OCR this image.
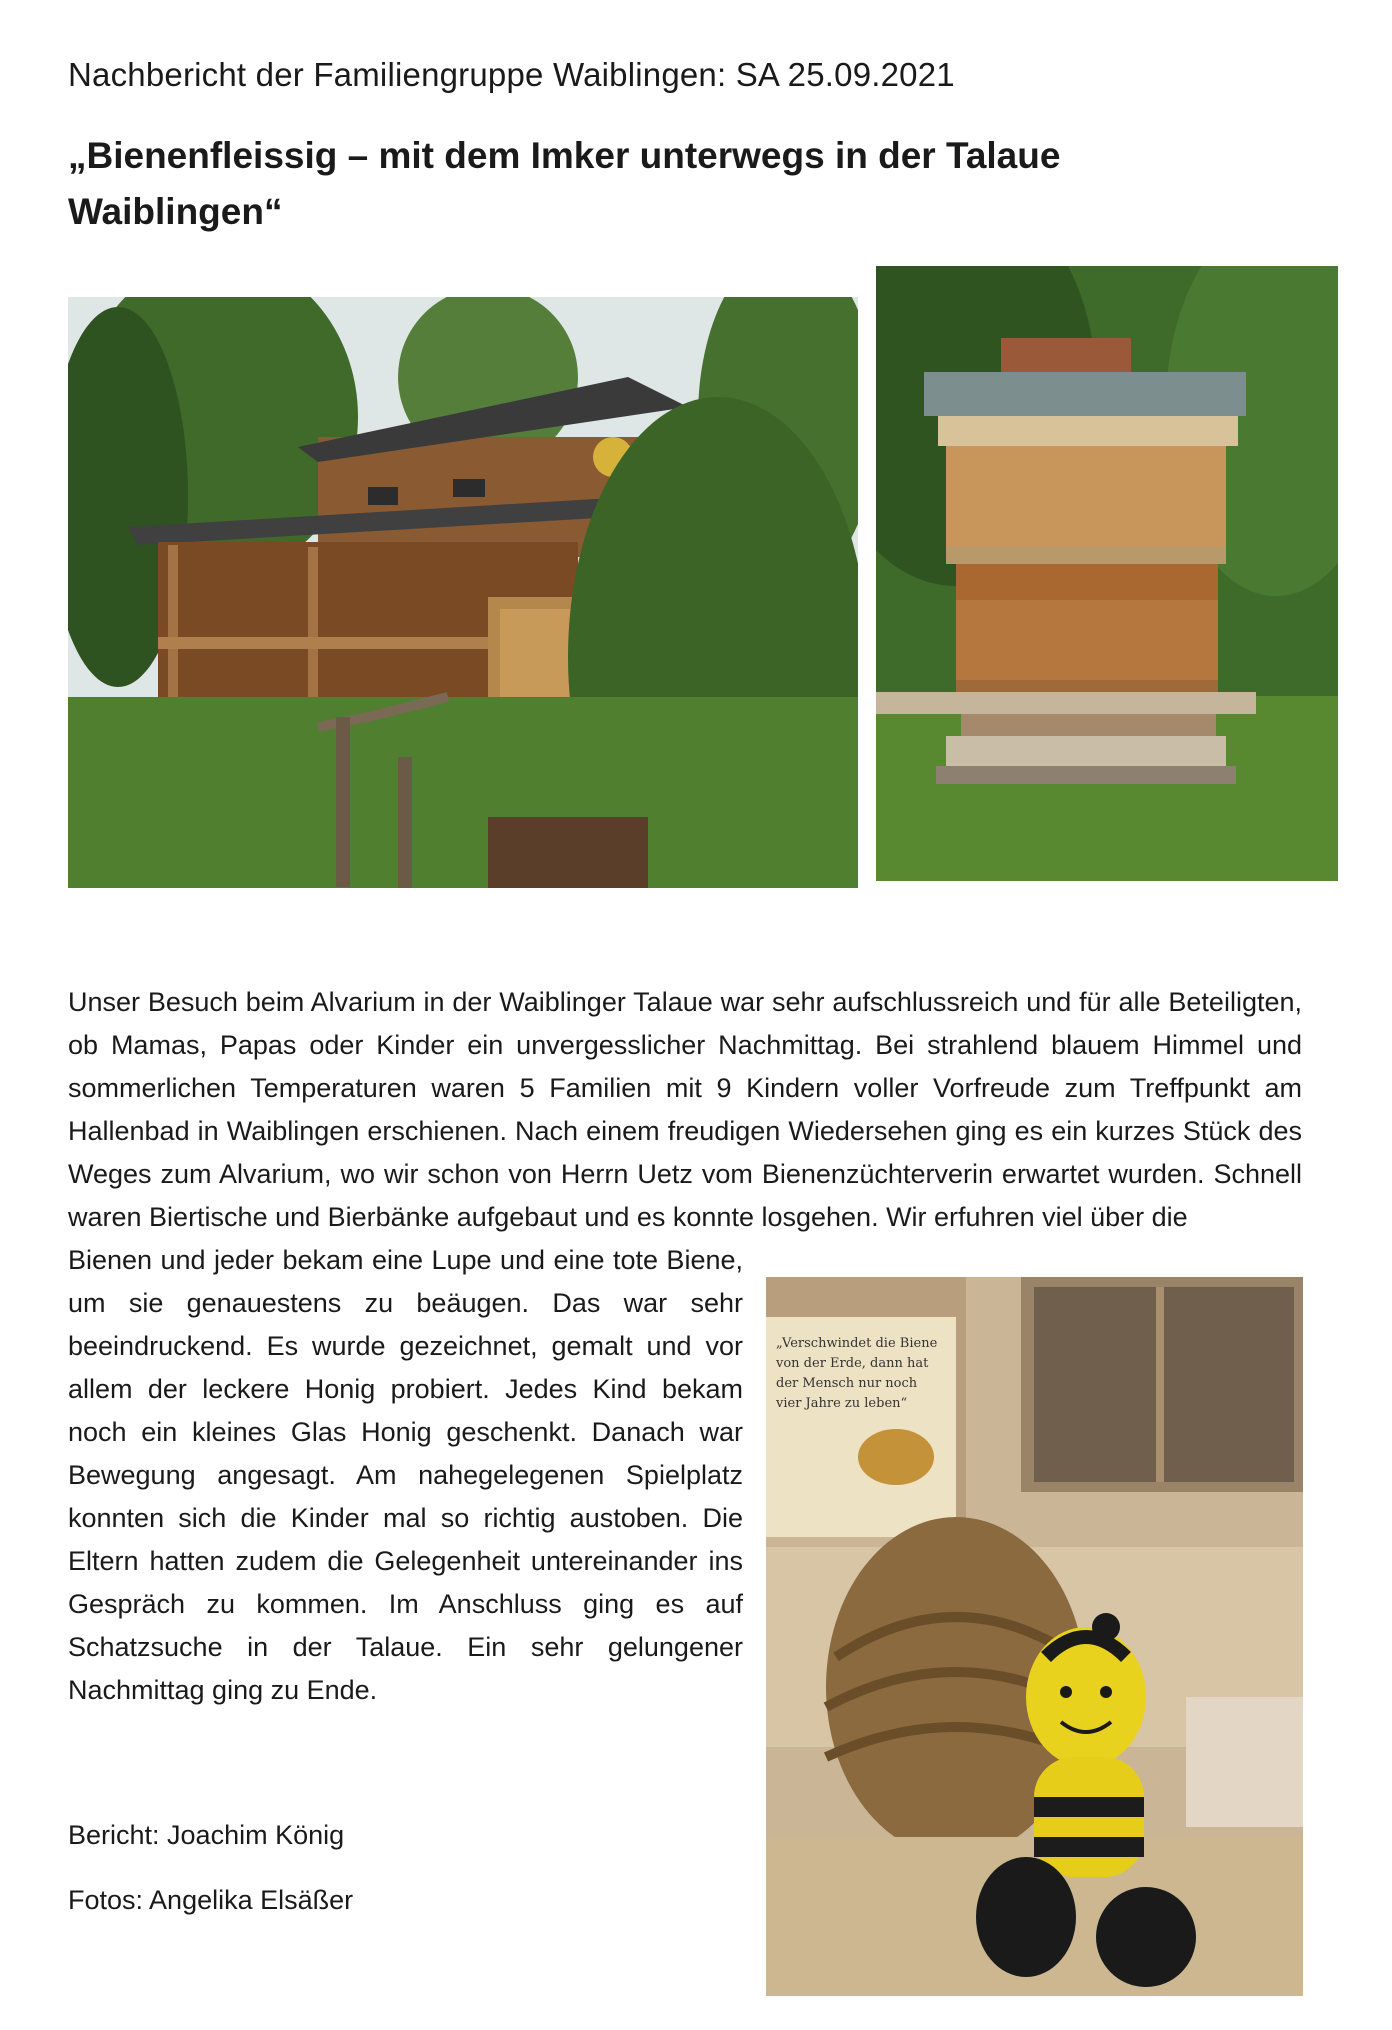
Nachbericht der Familiengruppe Waiblingen: SA 25.09.2021
„Bienenfleissig – mit dem Imker unterwegs in der Talaue Waiblingen“
Unser Besuch beim Alvarium in der Waiblinger Talaue war sehr aufschlussreich und für alle Beteiligten, ob Mamas, Papas oder Kinder ein unvergesslicher Nachmittag. Bei strahlend blauem Himmel und sommerlichen Temperaturen waren 5 Familien mit 9 Kindern voller Vorfreude zum Treffpunkt am Hallenbad in Waiblingen erschienen. Nach einem freudigen Wiedersehen ging es ein kurzes Stück des Weges zum Alvarium, wo wir schon von Herrn Uetz vom Bienenzüchterverin erwartet wurden. Schnell waren Biertische und Bierbänke aufgebaut und es konnte losgehen. Wir erfuhren viel über die
Bienen und jeder bekam eine Lupe und eine tote Biene, um sie genauestens zu beäugen. Das war sehr beeindruckend. Es wurde gezeichnet, gemalt und vor allem der leckere Honig probiert. Jedes Kind bekam noch ein kleines Glas Honig geschenkt. Danach war Bewegung angesagt. Am nahegelegenen Spielplatz konnten sich die Kinder mal so richtig austoben. Die Eltern hatten zudem die Gelegenheit untereinander ins Gespräch zu kommen. Im Anschluss ging es auf Schatzsuche in der Talaue. Ein sehr gelungener Nachmittag ging zu Ende.
„Verschwindet die Biene
von der Erde, dann hat
der Mensch nur noch
vier Jahre zu leben“
Bericht: Joachim König
Fotos: Angelika Elsäßer
